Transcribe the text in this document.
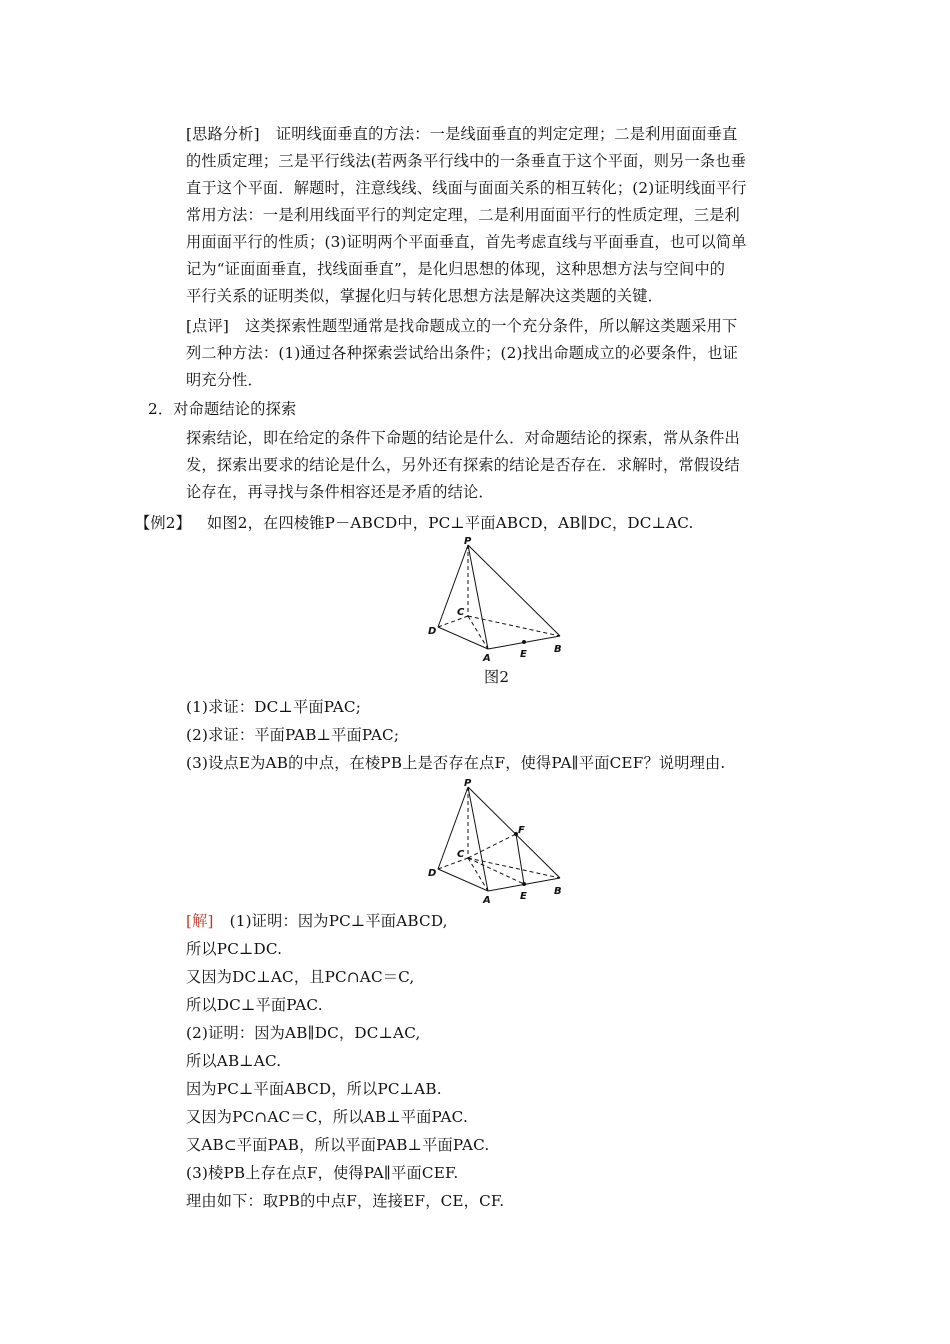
[思路分析] 证明线面垂直的方法：一是线面垂直的判定定理；二是利用面面垂直
的性质定理；三是平行线法(若两条平行线中的一条垂直于这个平面，则另一条也垂
直于这个平面．解题时，注意线线、线面与面面关系的相互转化；(2)证明线面平行
常用方法：一是利用线面平行的判定定理，二是利用面面平行的性质定理，三是利
用面面平行的性质；(3)证明两个平面垂直，首先考虑直线与平面垂直，也可以简单
记为“证面面垂直，找线面垂直”，是化归思想的体现，这种思想方法与空间中的
平行关系的证明类似，掌握化归与转化思想方法是解决这类题的关键．
[点评] 这类探索性题型通常是找命题成立的一个充分条件，所以解这类题采用下
列二种方法：(1)通过各种探索尝试给出条件；(2)找出命题成立的必要条件，也证
明充分性．
2．对命题结论的探索
探索结论，即在给定的条件下命题的结论是什么．对命题结论的探索，常从条件出
发，探索出要求的结论是什么，另外还有探索的结论是否存在．求解时，常假设结
论存在，再寻找与条件相容还是矛盾的结论．
【例2】 如图2，在四棱锥P－ABCD中，PC⊥平面ABCD，AB∥DC，DC⊥AC.
P
C
D
A	E	B
图2
(1)求证：DC⊥平面PAC;
(2)求证：平面PAB⊥平面PAC;
(3)设点E为AB的中点，在棱PB上是否存在点F，使得PA∥平面CEF？说明理由.
P
F
C
D
A	E	B
[解] (1)证明：因为PC⊥平面ABCD,
所以PC⊥DC.
又因为DC⊥AC，且PC∩AC＝C,
所以DC⊥平面PAC.
(2)证明：因为AB∥DC，DC⊥AC,
所以AB⊥AC.
因为PC⊥平面ABCD，所以PC⊥AB.
又因为PC∩AC＝C，所以AB⊥平面PAC.
又AB⊂平面PAB，所以平面PAB⊥平面PAC.
(3)棱PB上存在点F，使得PA∥平面CEF.
理由如下：取PB的中点F，连接EF，CE，CF.
